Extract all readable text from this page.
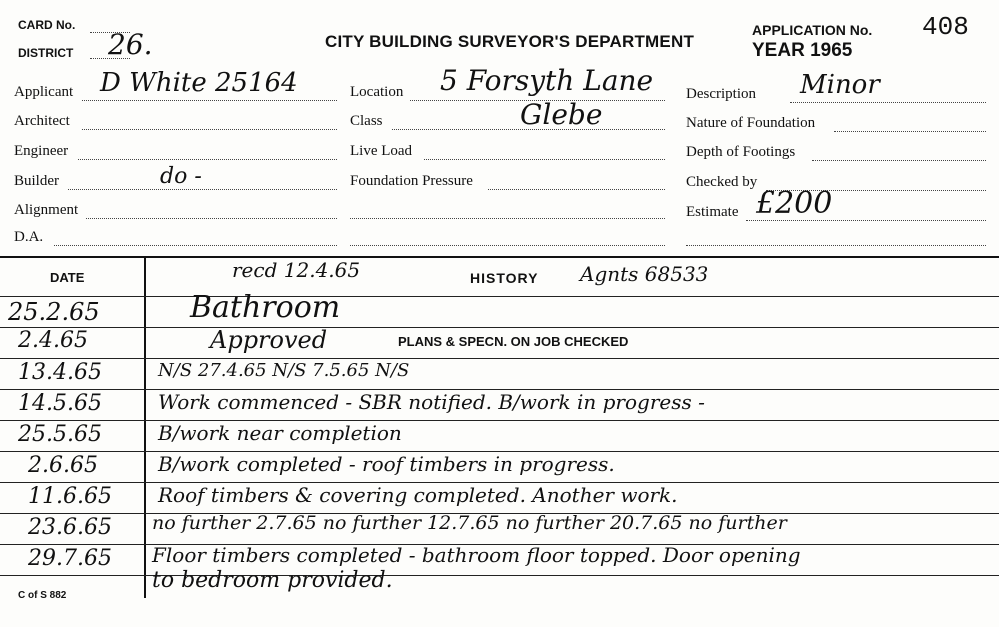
CARD No.
DISTRICT 26.	CITY BUILDING SURVEYOR'S DEPARTMENT
APPLICATION No. 408
YEAR 1965
Applicant D White 25164
Architect
Engineer
Builder	do -
Alignment
D.A.
Location 5 Forsyth Lane
Glebe
Class
Live Load
Foundation Pressure
Description Minor
Nature of Foundation
Depth of Footings
Checked by
Estimate £200
DATE	HISTORY
recd 12.4.65	Agnts 68533
25.2.65	Bathroom
2.4.65	Approved	PLANS & SPECN. ON JOB CHECKED
13.4.65	N/S 27.4.65 N/S 7.5.65 N/S
14.5.65	Work commenced - SBR notified. B/work in progress -
25.5.65	B/work near completion
2.6.65	B/work completed - roof timbers in progress.
11.6.65 Roof timbers & covering completed. Another work.
23.6.65 no further 2.7.65 no further 12.7.65 no further 20.7.65 no further
29.7.65 Floor timbers completed - bathroom floor topped. Door opening
to bedroom provided.
C of S 882
